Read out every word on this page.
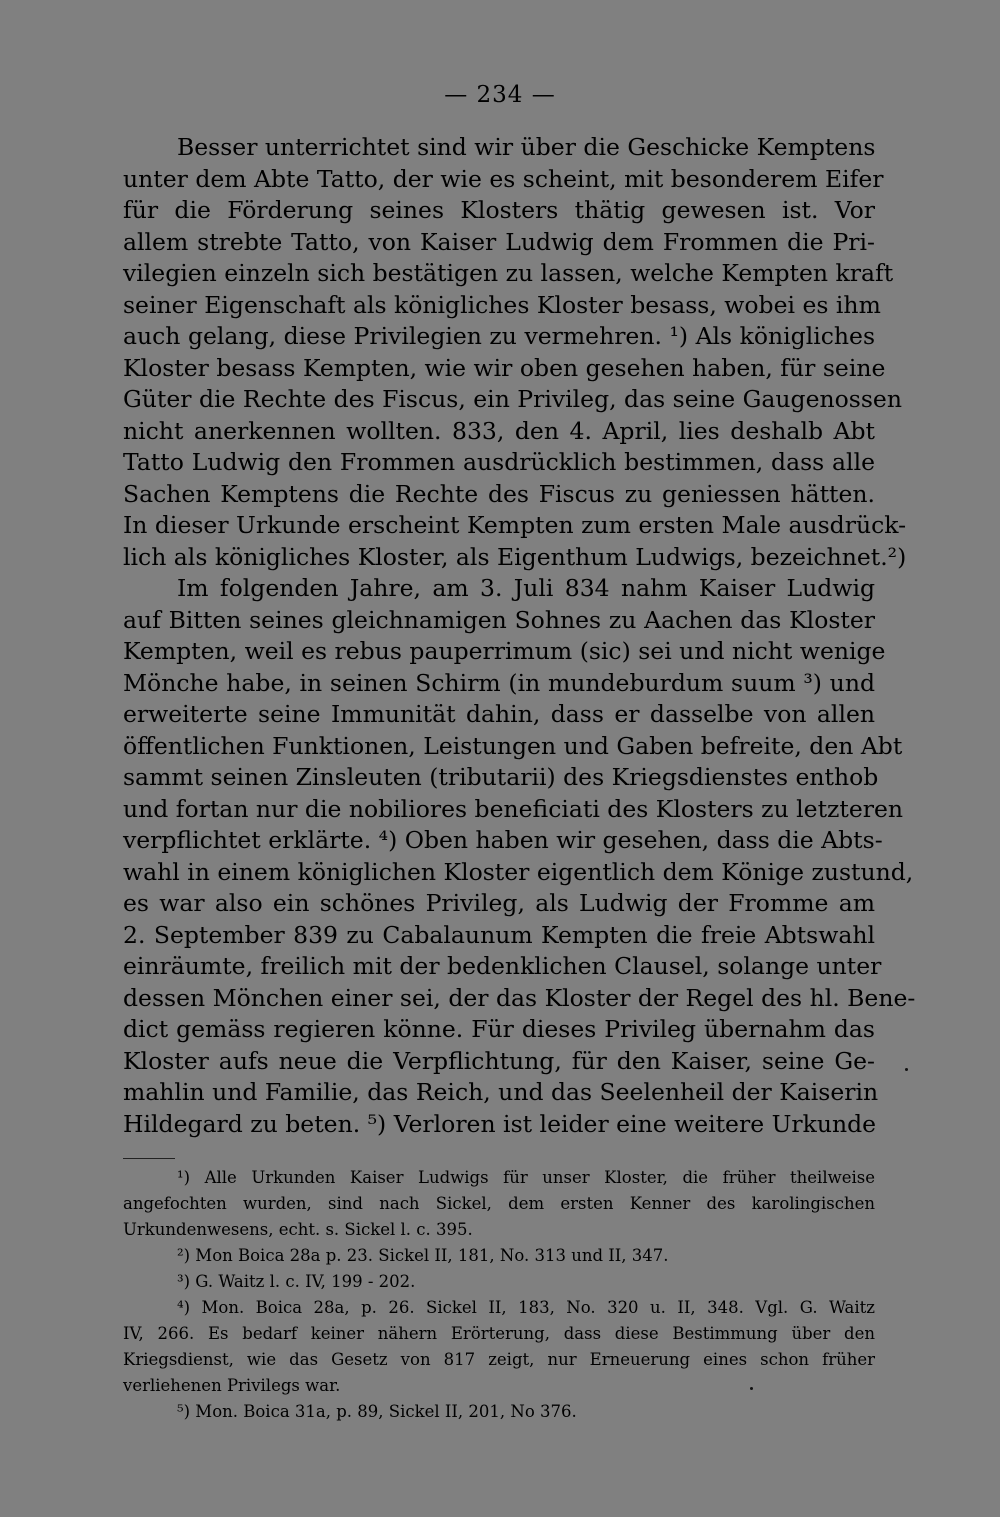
— 234 —
Besser unterrichtet sind wir über die Geschicke Kemptens
unter dem Abte Tatto, der wie es scheint, mit besonderem Eifer
für die Förderung seines Klosters thätig gewesen ist. Vor
allem strebte Tatto, von Kaiser Ludwig dem Frommen die Pri-
vilegien einzeln sich bestätigen zu lassen, welche Kempten kraft
seiner Eigenschaft als königliches Kloster besass, wobei es ihm
auch gelang, diese Privilegien zu vermehren. ¹) Als königliches
Kloster besass Kempten, wie wir oben gesehen haben, für seine
Güter die Rechte des Fiscus, ein Privileg, das seine Gaugenossen
nicht anerkennen wollten. 833, den 4. April, lies deshalb Abt
Tatto Ludwig den Frommen ausdrücklich bestimmen, dass alle
Sachen Kemptens die Rechte des Fiscus zu geniessen hätten.
In dieser Urkunde erscheint Kempten zum ersten Male ausdrück-
lich als königliches Kloster, als Eigenthum Ludwigs, bezeichnet.²)
Im folgenden Jahre, am 3. Juli 834 nahm Kaiser Ludwig
auf Bitten seines gleichnamigen Sohnes zu Aachen das Kloster
Kempten, weil es rebus pauperrimum (sic) sei und nicht wenige
Mönche habe, in seinen Schirm (in mundeburdum suum ³) und
erweiterte seine Immunität dahin, dass er dasselbe von allen
öffentlichen Funktionen, Leistungen und Gaben befreite, den Abt
sammt seinen Zinsleuten (tributarii) des Kriegsdienstes enthob
und fortan nur die nobiliores beneficiati des Klosters zu letzteren
verpflichtet erklärte. ⁴) Oben haben wir gesehen, dass die Abts-
wahl in einem königlichen Kloster eigentlich dem Könige zustund,
es war also ein schönes Privileg, als Ludwig der Fromme am
2. September 839 zu Cabalaunum Kempten die freie Abtswahl
einräumte, freilich mit der bedenklichen Clausel, solange unter
dessen Mönchen einer sei, der das Kloster der Regel des hl. Bene-
dict gemäss regieren könne. Für dieses Privileg übernahm das
Kloster aufs neue die Verpflichtung, für den Kaiser, seine Ge-
mahlin und Familie, das Reich, und das Seelenheil der Kaiserin
Hildegard zu beten. ⁵) Verloren ist leider eine weitere Urkunde
¹) Alle Urkunden Kaiser Ludwigs für unser Kloster, die früher theilweise
angefochten wurden, sind nach Sickel, dem ersten Kenner des karolingischen
Urkundenwesens, echt. s. Sickel l. c. 395.
²) Mon Boica 28a p. 23. Sickel II, 181, No. 313 und II, 347.
³) G. Waitz l. c. IV, 199 - 202.
⁴) Mon. Boica 28a, p. 26. Sickel II, 183, No. 320 u. II, 348. Vgl. G. Waitz
IV, 266. Es bedarf keiner nähern Erörterung, dass diese Bestimmung über den
Kriegsdienst, wie das Gesetz von 817 zeigt, nur Erneuerung eines schon früher
verliehenen Privilegs war.
⁵) Mon. Boica 31a, p. 89, Sickel II, 201, No 376.
